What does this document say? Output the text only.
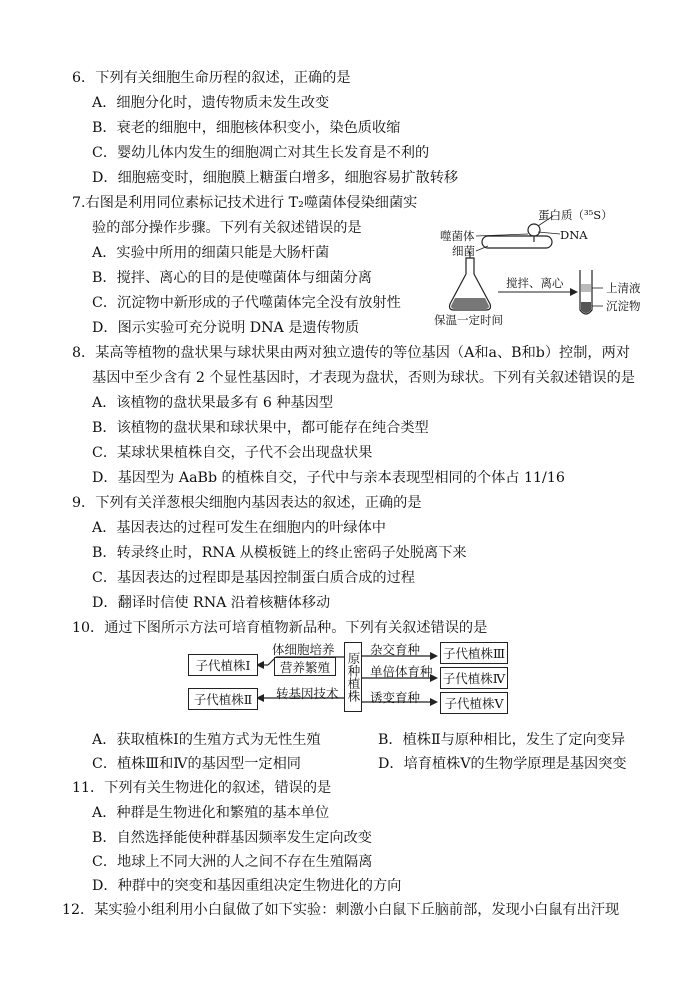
6．下列有关细胞生命历程的叙述，正确的是
A．细胞分化时，遗传物质未发生改变
B．衰老的细胞中，细胞核体积变小，染色质收缩
C．婴幼儿体内发生的细胞凋亡对其生长发育是不利的
D．细胞癌变时，细胞膜上糖蛋白增多，细胞容易扩散转移
7.右图是利用同位素标记技术进行 T₂噬菌体侵染细菌实
验的部分操作步骤。下列有关叙述错误的是
A．实验中所用的细菌只能是大肠杆菌
B．搅拌、离心的目的是使噬菌体与细菌分离
C．沉淀物中新形成的子代噬菌体完全没有放射性
D．图示实验可充分说明 DNA 是遗传物质
蛋白质（³⁵S）
DNA
噬菌体
细菌
搅拌、离心	上清液
沉淀物
保温一定时间
8．某高等植物的盘状果与球状果由两对独立遗传的等位基因（A和a、B和b）控制，两对
基因中至少含有 2 个显性基因时，才表现为盘状，否则为球状。下列有关叙述错误的是
A．该植物的盘状果最多有 6 种基因型
B．该植物的盘状果和球状果中，都可能存在纯合类型
C．某球状果植株自交，子代不会出现盘状果
D．基因型为 AaBb 的植株自交，子代中与亲本表现型相同的个体占 11/16
9．下列有关洋葱根尖细胞内基因表达的叙述，正确的是
A．基因表达的过程可发生在细胞内的叶绿体中
B．转录终止时，RNA 从模板链上的终止密码子处脱离下来
C．基因表达的过程即是基因控制蛋白质合成的过程
D．翻译时信使 RNA 沿着核糖体移动
10．通过下图所示方法可培育植物新品种。下列有关叙述错误的是
子代植株Ⅰ
子代植株Ⅱ
体细胞培养
营养繁殖
转基因技术 原种植株
杂交育种
单倍体育种
诱变育种
子代植株Ⅲ
子代植株Ⅳ
子代植株Ⅴ
A．获取植株Ⅰ的生殖方式为无性生殖	B．植株Ⅱ与原种相比，发生了定向变异
C．植株Ⅲ和Ⅳ的基因型一定相同	D．培育植株Ⅴ的生物学原理是基因突变
11．下列有关生物进化的叙述，错误的是
A．种群是生物进化和繁殖的基本单位
B．自然选择能使种群基因频率发生定向改变
C．地球上不同大洲的人之间不存在生殖隔离
D．种群中的突变和基因重组决定生物进化的方向
12．某实验小组利用小白鼠做了如下实验：刺激小白鼠下丘脑前部，发现小白鼠有出汗现
